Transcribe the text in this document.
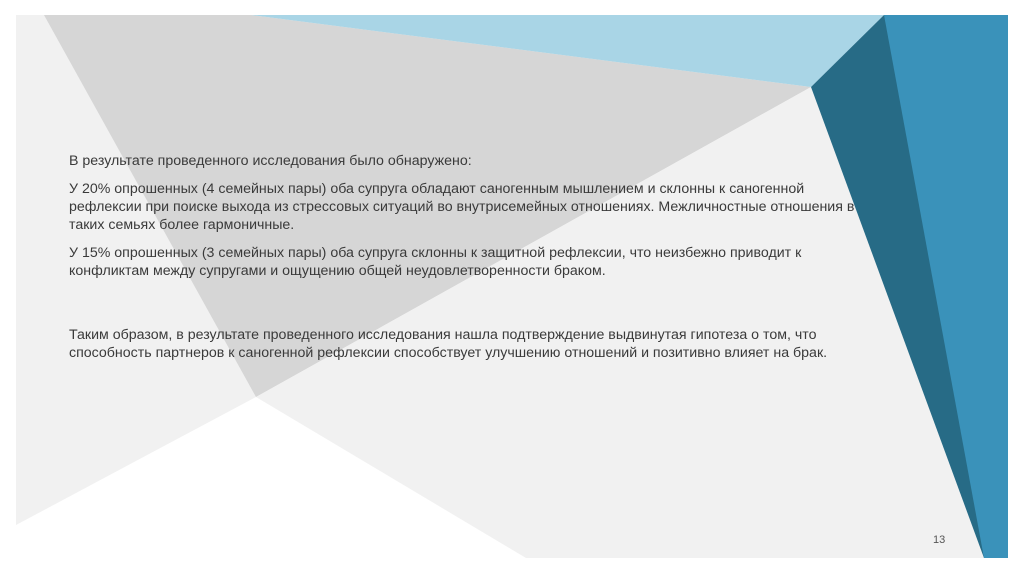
В результате проведенного исследования было обнаружено:

У 20% опрошенных (4 семейных пары) оба супруга обладают саногенным мышлением и склонны к саногенной рефлексии при поиске выхода из стрессовых ситуаций во внутрисемейных отношениях. Межличностные отношения в таких семьях более гармоничные.

У 15% опрошенных (3 семейных пары) оба супруга склонны к защитной рефлексии, что неизбежно приводит к конфликтам между супругами и ощущению общей неудовлетворенности браком.

Таким образом, в результате проведенного исследования нашла подтверждение выдвинутая гипотеза о том, что способность партнеров к саногенной рефлексии способствует улучшению отношений и позитивно влияет на брак.

13
